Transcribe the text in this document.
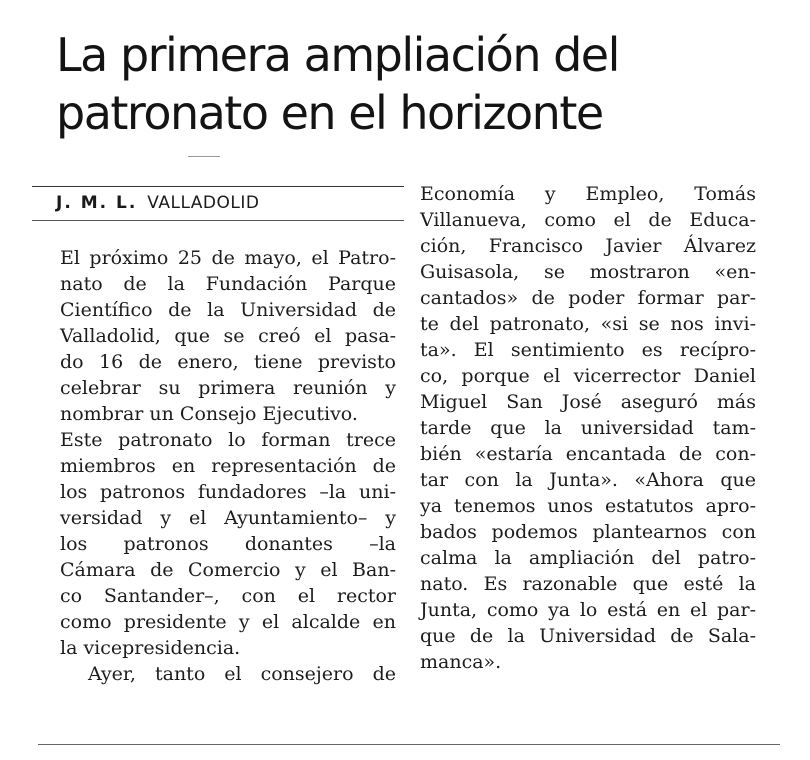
La primera ampliación del patronato en el horizonte
J. M. L. VALLADOLID
El próximo 25 de mayo, el Patro-
nato de la Fundación Parque
Científico de la Universidad de
Valladolid, que se creó el pasa-
do 16 de enero, tiene previsto
celebrar su primera reunión y
nombrar un Consejo Ejecutivo.
Este patronato lo forman trece
miembros en representación de
los patronos fundadores –la uni-
versidad y el Ayuntamiento– y
los patronos donantes –la
Cámara de Comercio y el Ban-
co Santander–, con el rector
como presidente y el alcalde en
la vicepresidencia.
Ayer, tanto el consejero de
Economía y Empleo, Tomás
Villanueva, como el de Educa-
ción, Francisco Javier Álvarez
Guisasola, se mostraron «en-
cantados» de poder formar par-
te del patronato, «si se nos invi-
ta». El sentimiento es recípro-
co, porque el vicerrector Daniel
Miguel San José aseguró más
tarde que la universidad tam-
bién «estaría encantada de con-
tar con la Junta». «Ahora que
ya tenemos unos estatutos apro-
bados podemos plantearnos con
calma la ampliación del patro-
nato. Es razonable que esté la
Junta, como ya lo está en el par-
que de la Universidad de Sala-
manca».
